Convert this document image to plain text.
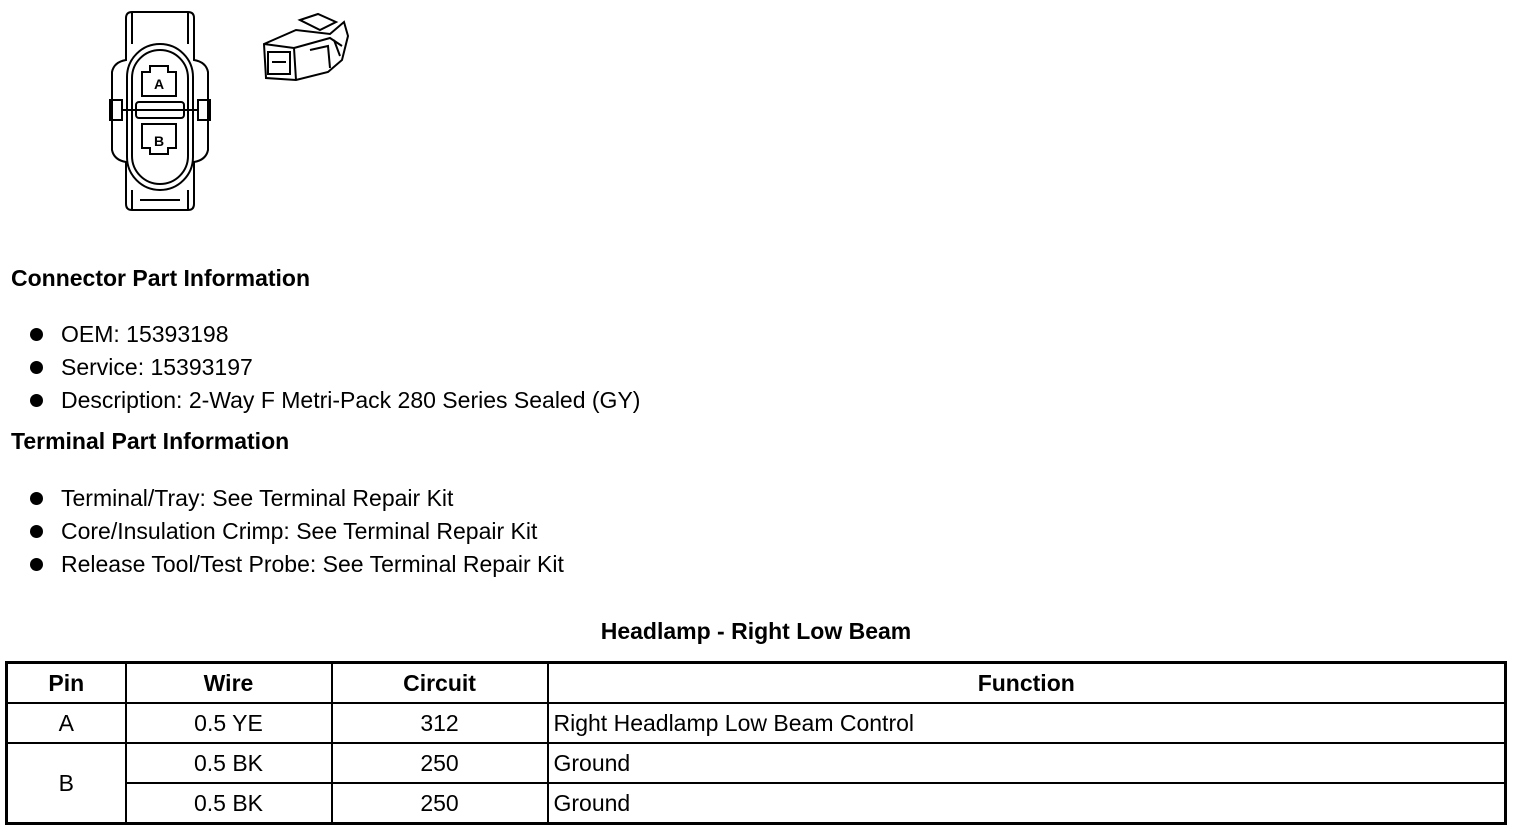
A
B
Connector Part Information
OEM: 15393198
Service: 15393197
Description: 2-Way F Metri-Pack 280 Series Sealed (GY)
Terminal Part Information
Terminal/Tray: See Terminal Repair Kit
Core/Insulation Crimp: See Terminal Repair Kit
Release Tool/Test Probe: See Terminal Repair Kit
Headlamp - Right Low Beam
Pin	Wire	Circuit	Function
A	0.5 YE	312	Right Headlamp Low Beam Control
B	0.5 BK	250	Ground
	0.5 BK	250	Ground
